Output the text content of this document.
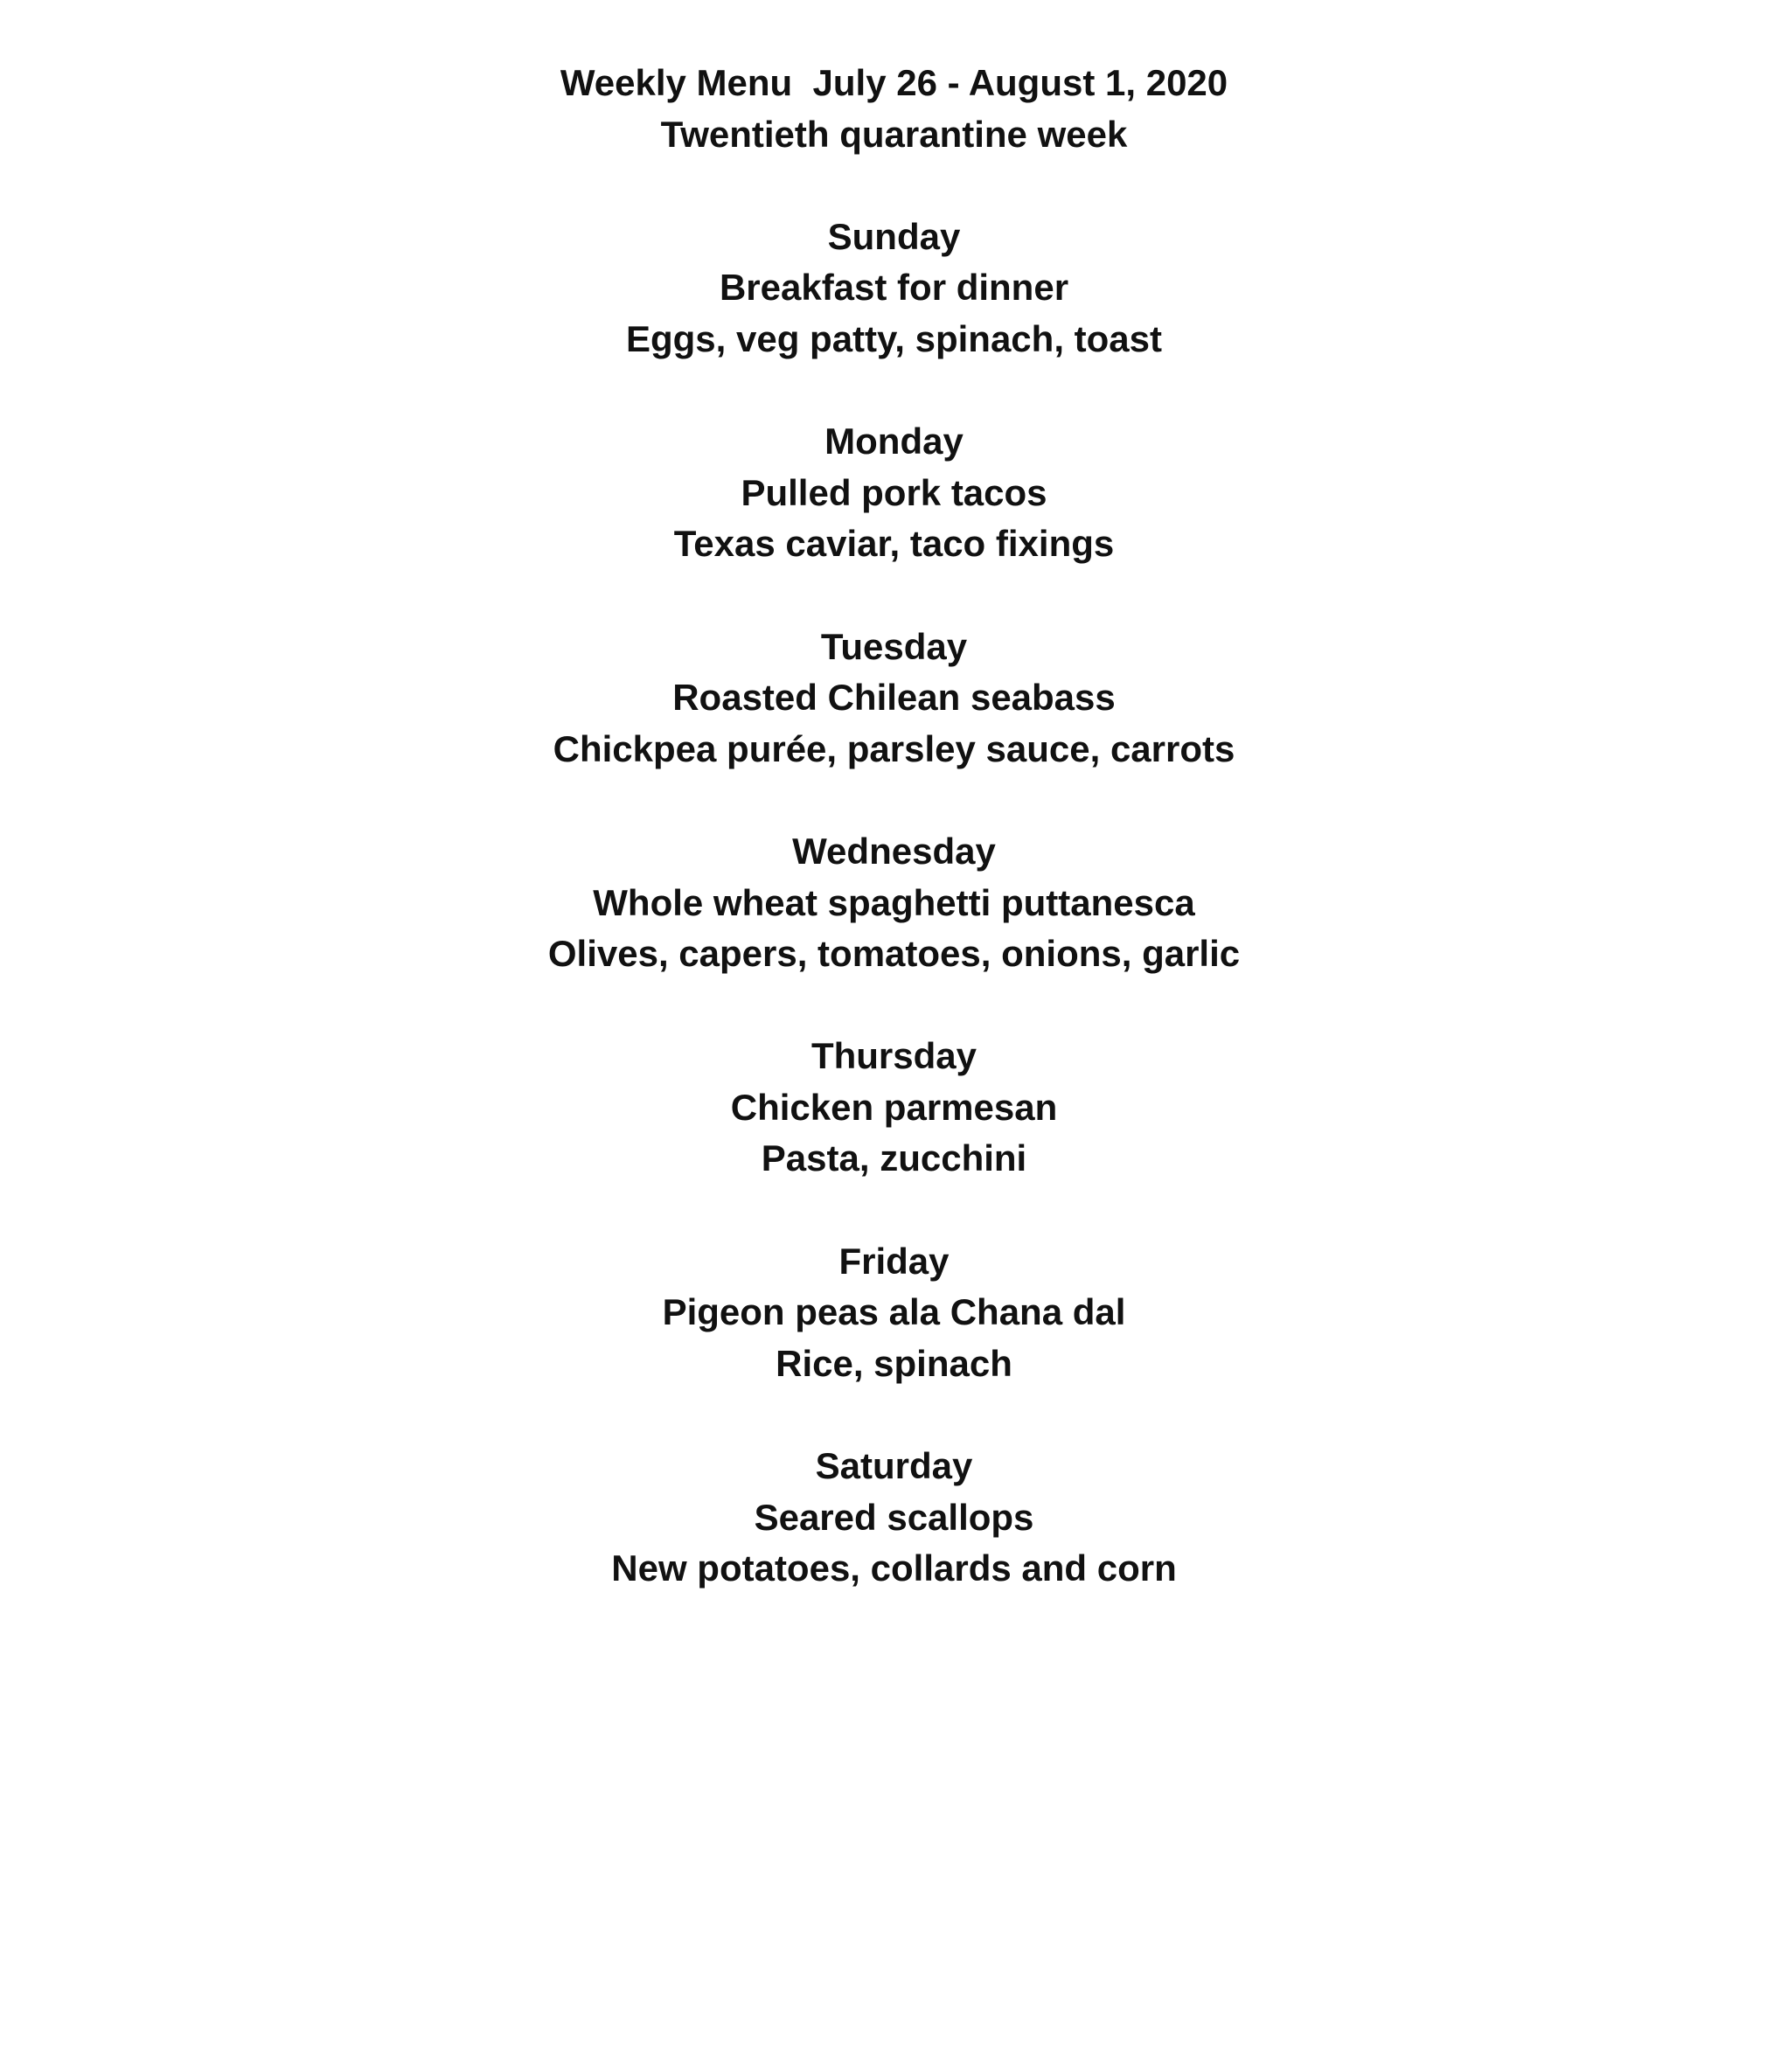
Weekly Menu  July 26 - August 1, 2020
Twentieth quarantine week
Sunday
Breakfast for dinner
Eggs, veg patty, spinach, toast
Monday
Pulled pork tacos
Texas caviar, taco fixings
Tuesday
Roasted Chilean seabass
Chickpea purée, parsley sauce, carrots
Wednesday
Whole wheat spaghetti puttanesca
Olives, capers, tomatoes, onions, garlic
Thursday
Chicken parmesan
Pasta, zucchini
Friday
Pigeon peas ala Chana dal
Rice, spinach
Saturday
Seared scallops
New potatoes, collards and corn
